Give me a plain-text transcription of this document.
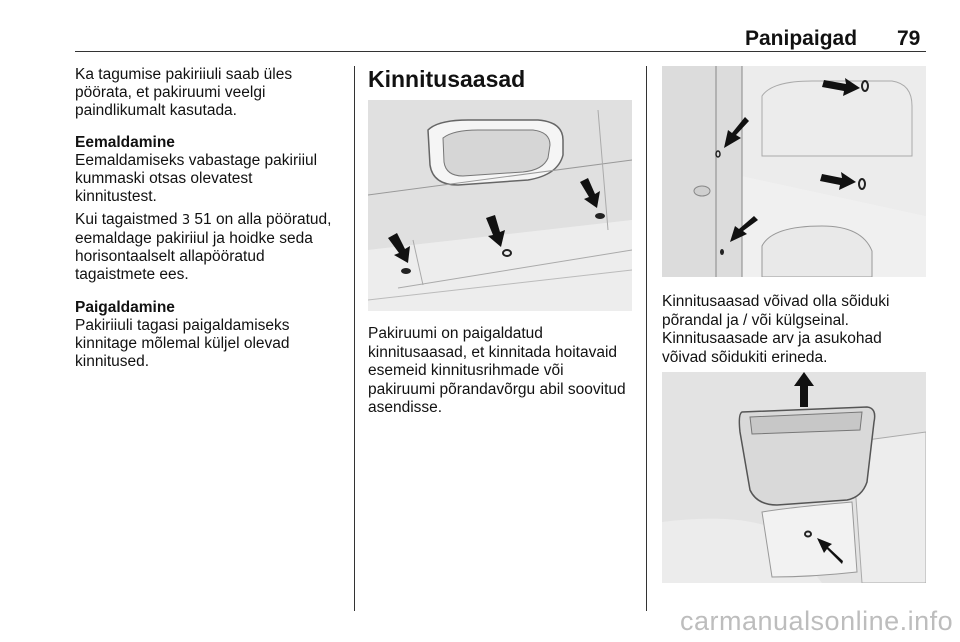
Panipaigad 79
Ka tagumise pakiriiuli saab üles
pöörata, et pakiruumi veelgi
paindlikumalt kasutada.
Eemaldamine
Eemaldamiseks vabastage pakiriiul
kummaski otsas olevatest
kinnitustest.
Kui tagaistmed 3 51 on alla pööratud,
eemaldage pakiriiul ja hoidke seda
horisontaalselt allapööratud
tagaistmete ees.
Paigaldamine
Pakiriiuli tagasi paigaldamiseks
kinnitage mõlemal küljel olevad
kinnitused.
Kinnitusaasad
Pakiruumi on paigaldatud
kinnitusaasad, et kinnitada hoitavaid
esemeid kinnitusrihmade või
pakiruumi põrandavõrgu abil soovitud
asendisse.
Kinnitusaasad võivad olla sõiduki
põrandal ja / või külgseinal.
Kinnitusaasade arv ja asukohad
võivad sõidukiti erineda.
carmanualsonline.info
